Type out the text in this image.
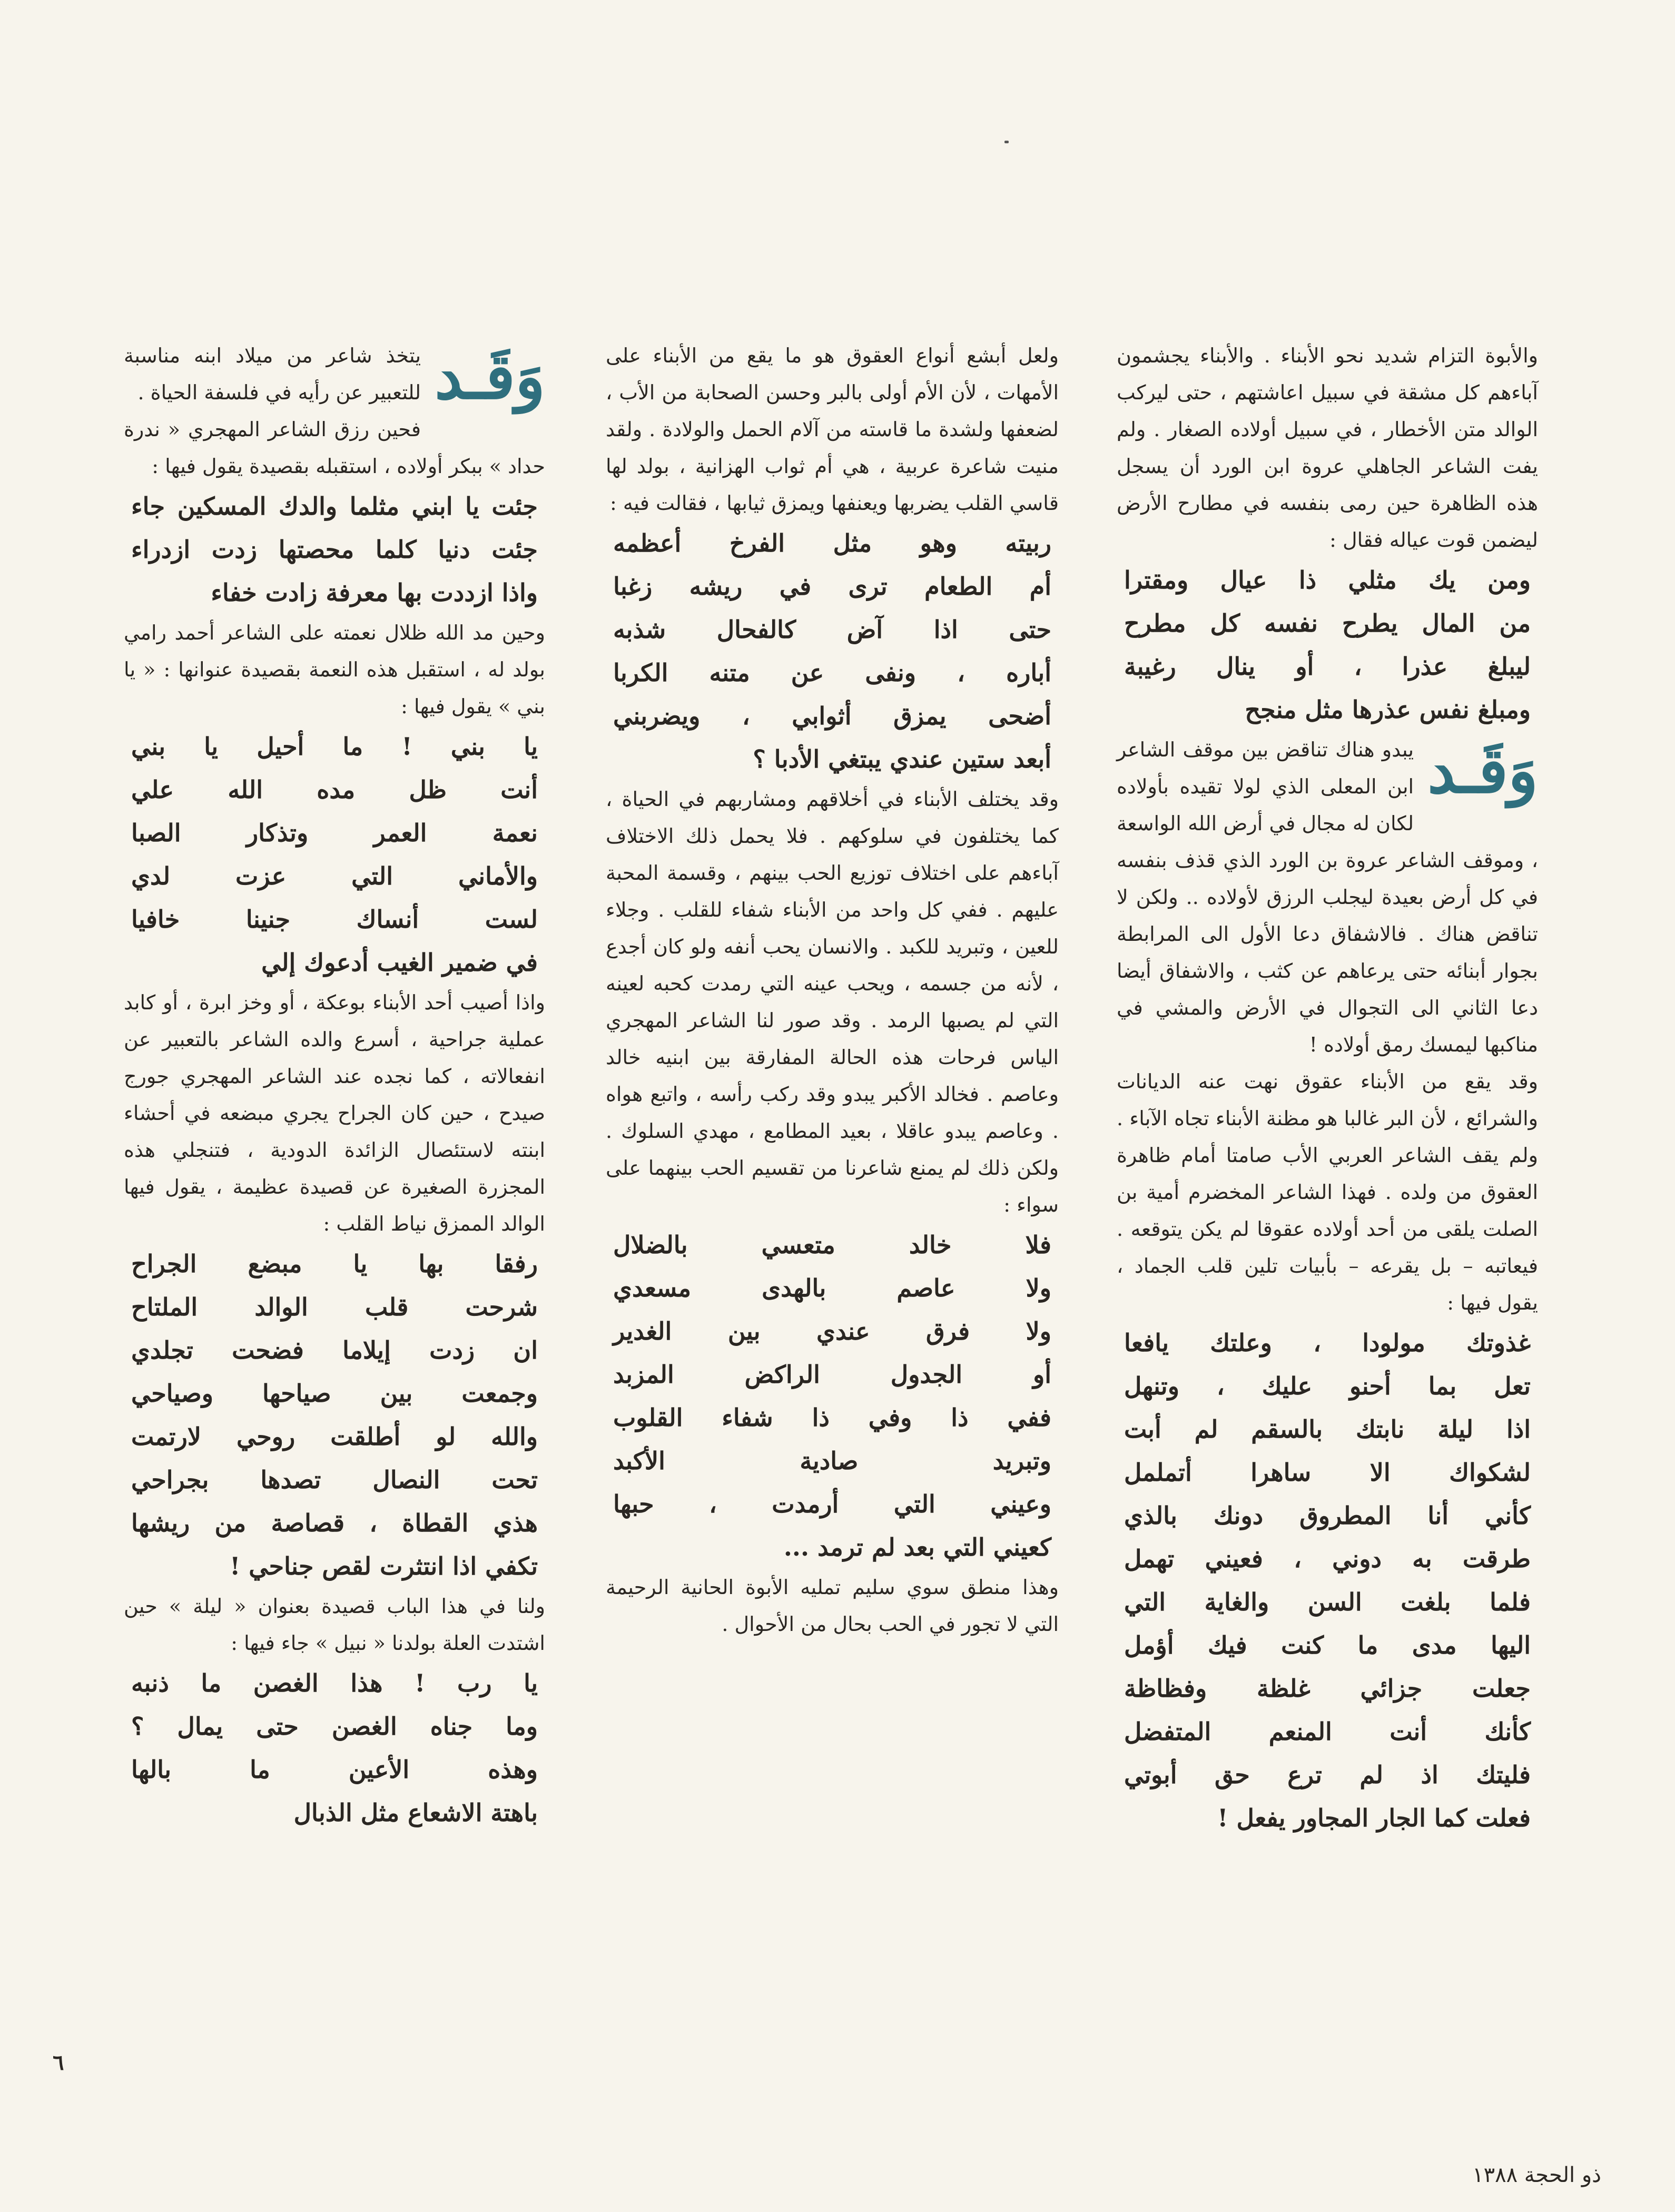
والأبوة التزام شديد نحو الأبناء . والأبناء يجشمون آباءهم كل مشقة في سبيل اعاشتهم ، حتى ليركب الوالد متن الأخطار ، في سبيل أولاده الصغار . ولم يفت الشاعر الجاهلي عروة ابن الورد أن يسجل هذه الظاهرة حين رمى بنفسه في مطارح الأرض ليضمن قوت عياله فقال :

ومن يك مثلي ذا عيال ومقترا

من المال يطرح نفسه كل مطرح

ليبلغ عذرا ، أو ينال رغيبة

ومبلغ نفس عذرها مثل منجح

وَقَـد

يبدو هناك تناقض بين موقف الشاعر ابن المعلى الذي لولا تقيده بأولاده لكان له مجال في أرض الله الواسعة ، وموقف الشاعر عروة بن الورد الذي قذف بنفسه في كل أرض بعيدة ليجلب الرزق لأولاده .. ولكن لا تناقض هناك . فالاشفاق دعا الأول الى المرابطة بجوار أبنائه حتى يرعاهم عن كثب ، والاشفاق أيضا دعا الثاني الى التجوال في الأرض والمشي في مناكبها ليمسك رمق أولاده !

وقد يقع من الأبناء عقوق نهت عنه الديانات والشرائع ، لأن البر غالبا هو مظنة الأبناء تجاه الآباء . ولم يقف الشاعر العربي الأب صامتا أمام ظاهرة العقوق من ولده . فهذا الشاعر المخضرم أمية بن الصلت يلقى من أحد أولاده عقوقا لم يكن يتوقعه . فيعاتبه – بل يقرعه – بأبيات تلين قلب الجماد ، يقول فيها :

غذوتك مولودا ، وعلتك يافعا

تعل بما أحنو عليك ، وتنهل

اذا ليلة نابتك بالسقم لم أبت

لشكواك الا ساهرا أتململ

كأني أنا المطروق دونك بالذي

طرقت به دوني ، فعيني تهمل

فلما بلغت السن والغاية التي

اليها مدى ما كنت فيك أؤمل

جعلت جزائي غلظة وفظاظة

كأنك أنت المنعم المتفضل

فليتك اذ لم ترع حق أبوتي

فعلت كما الجار المجاور يفعل !

ولعل أبشع أنواع العقوق هو ما يقع من الأبناء على الأمهات ، لأن الأم أولى بالبر وحسن الصحابة من الأب ، لضعفها ولشدة ما قاسته من آلام الحمل والولادة . ولقد منيت شاعرة عربية ، هي أم ثواب الهزانية ، بولد لها قاسي القلب يضربها ويعنفها ويمزق ثيابها ، فقالت فيه :

ربيته وهو مثل الفرخ أعظمه

أم الطعام ترى في ريشه زغبا

حتى اذا آض كالفحال شذبه

أباره ، ونفى عن متنه الكربا

أضحى يمزق أثوابي ، ويضربني

أبعد ستين عندي يبتغي الأدبا ؟

وقد يختلف الأبناء في أخلاقهم ومشاربهم في الحياة ، كما يختلفون في سلوكهم . فلا يحمل ذلك الاختلاف آباءهم على اختلاف توزيع الحب بينهم ، وقسمة المحبة عليهم . ففي كل واحد من الأبناء شفاء للقلب . وجلاء للعين ، وتبريد للكبد . والانسان يحب أنفه ولو كان أجدع ، لأنه من جسمه ، ويحب عينه التي رمدت كحبه لعينه التي لم يصبها الرمد . وقد صور لنا الشاعر المهجري الياس فرحات هذه الحالة المفارقة بين ابنيه خالد وعاصم . فخالد الأكبر يبدو وقد ركب رأسه ، واتبع هواه . وعاصم يبدو عاقلا ، بعيد المطامع ، مهدي السلوك . ولكن ذلك لم يمنع شاعرنا من تقسيم الحب بينهما على سواء :

فلا خالد متعسي بالضلال

ولا عاصم بالهدى مسعدي

ولا فرق عندي بين الغدير

أو الجدول الراكض المزبد

ففي ذا وفي ذا شفاء القلوب

وتبريد صادية الأكبد

وعيني التي أرمدت ، حبها

كعيني التي بعد لم ترمد ...

وهذا منطق سوي سليم تمليه الأبوة الحانية الرحيمة التي لا تجور في الحب بحال من الأحوال .

وَقَـد

يتخذ شاعر من ميلاد ابنه مناسبة للتعبير عن رأيه في فلسفة الحياة .

فحين رزق الشاعر المهجري « ندرة حداد » ببكر أولاده ، استقبله بقصيدة يقول فيها :

جئت يا ابني مثلما والدك المسكين جاء

جئت دنيا كلما محصتها زدت ازدراء

واذا ازددت بها معرفة زادت خفاء

وحين مد الله ظلال نعمته على الشاعر أحمد رامي بولد له ، استقبل هذه النعمة بقصيدة عنوانها : « يا بني » يقول فيها :

يا بني ! ما أحيل يا بني

أنت ظل مده الله علي

نعمة العمر وتذكار الصبا

والأماني التي عزت لدي

لست أنساك جنينا خافيا

في ضمير الغيب أدعوك إلي

واذا أصيب أحد الأبناء بوعكة ، أو وخز ابرة ، أو كابد عملية جراحية ، أسرع والده الشاعر بالتعبير عن انفعالاته ، كما نجده عند الشاعر المهجري جورج صيدح ، حين كان الجراح يجري مبضعه في أحشاء ابنته لاستئصال الزائدة الدودية ، فتنجلي هذه المجزرة الصغيرة عن قصيدة عظيمة ، يقول فيها الوالد الممزق نياط القلب :

رفقا بها يا مبضع الجراح

شرحت قلب الوالد الملتاح

ان زدت إيلاما فضحت تجلدي

وجمعت بين صياحها وصياحي

والله لو أطلقت روحي لارتمت

تحت النصال تصدها بجراحي

هذي القطاة ، قصاصة من ريشها

تكفي اذا انتثرت لقص جناحي !

ولنا في هذا الباب قصيدة بعنوان « ليلة » حين اشتدت العلة بولدنا « نبيل » جاء فيها :

يا رب ! هذا الغصن ما ذنبه

وما جناه الغصن حتى يمال ؟

وهذه الأعين ما بالها

باهتة الاشعاع مثل الذبال

٦
ذو الحجة ١٣٨٨
